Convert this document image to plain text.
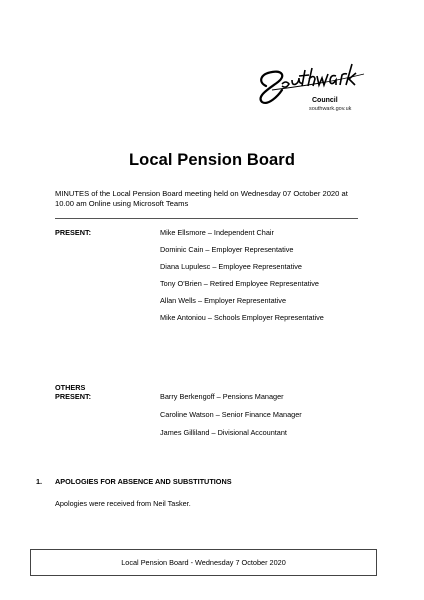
Council
southwark.gov.uk
Local Pension Board
MINUTES of the Local Pension Board meeting held on Wednesday 07 October 2020 at 10.00 am Online using Microsoft Teams
PRESENT:	Mike Ellsmore – Independent Chair
Dominic Cain – Employer Representative
Diana Lupulesc – Employee Representative
Tony O’Brien – Retired Employee Representative
Allan Wells – Employer Representative
Mike Antoniou – Schools Employer Representative
OTHERS
PRESENT:	Barry Berkengoff – Pensions Manager
Caroline Watson – Senior Finance Manager
James Gilliland – Divisional Accountant
1. APOLOGIES FOR ABSENCE AND SUBSTITUTIONS
Apologies were received from Neil Tasker.
Local Pension Board - Wednesday 7 October 2020
